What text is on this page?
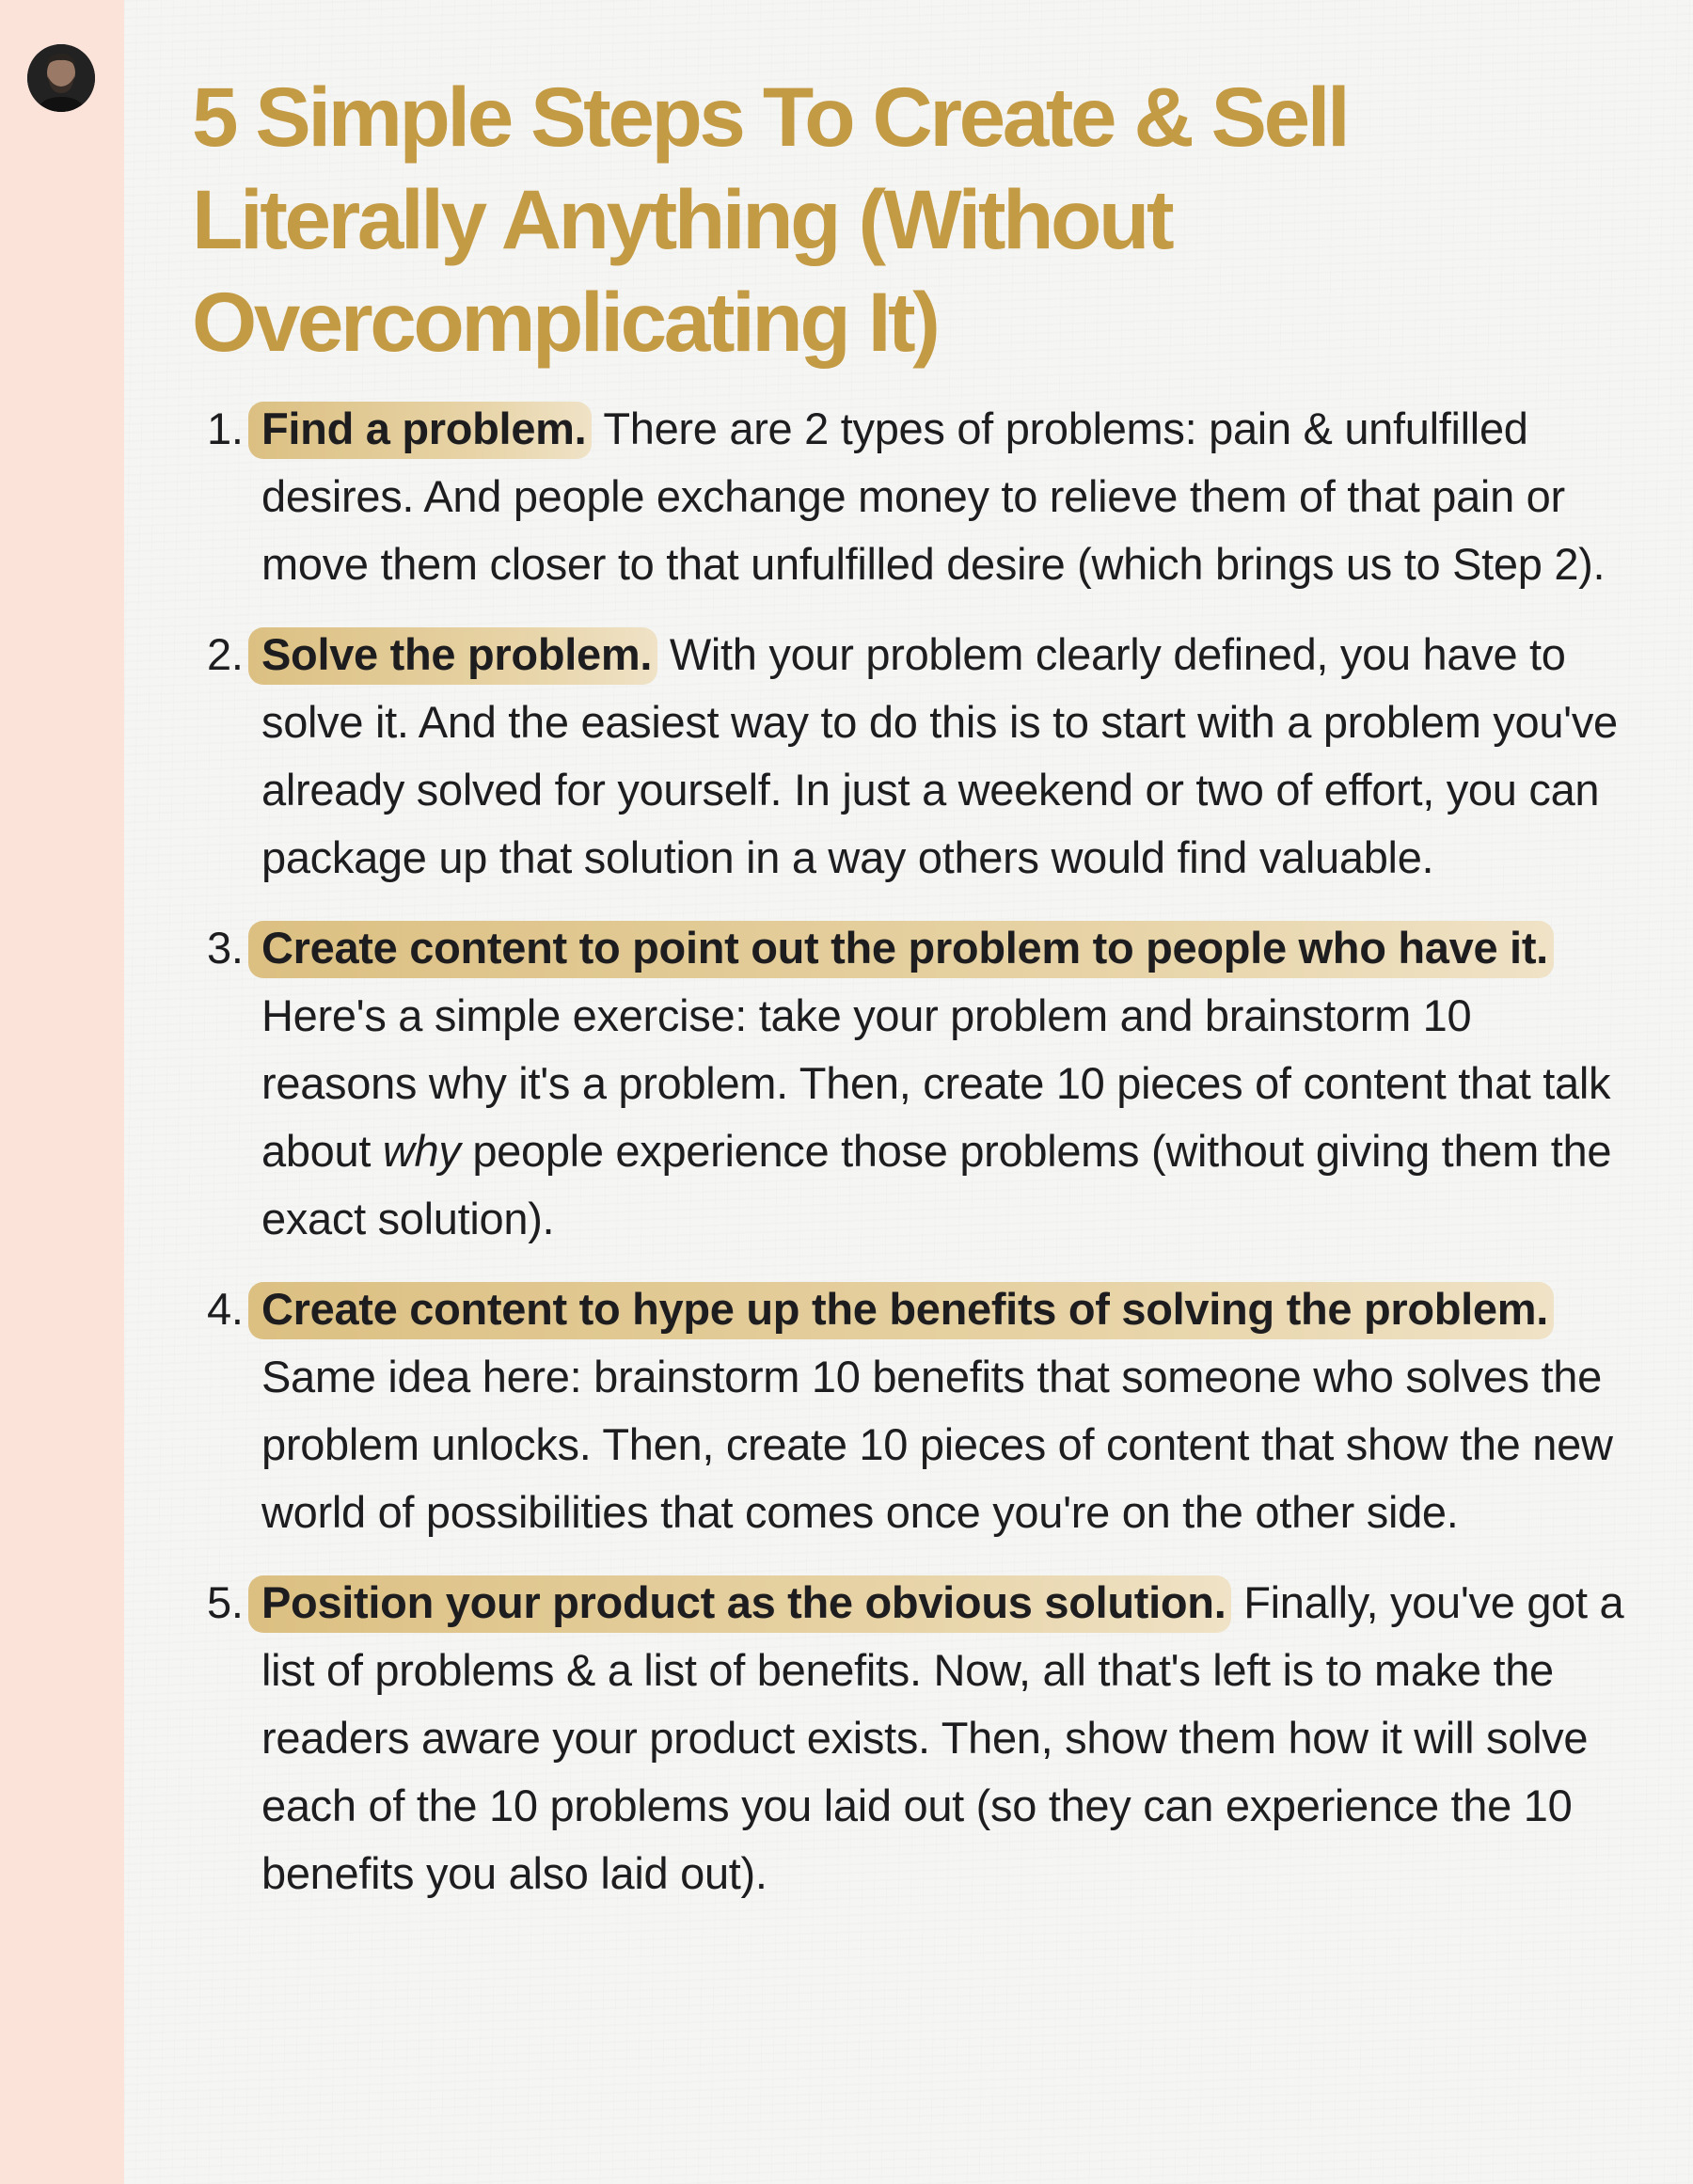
5 Simple Steps To Create & Sell Literally Anything (Without Overcomplicating It)
1. Find a problem. There are 2 types of problems: pain & unfulfilled desires. And people exchange money to relieve them of that pain or move them closer to that unfulfilled desire (which brings us to Step 2).
2. Solve the problem. With your problem clearly defined, you have to solve it. And the easiest way to do this is to start with a problem you've already solved for yourself. In just a weekend or two of effort, you can package up that solution in a way others would find valuable.
3. Create content to point out the problem to people who have it. Here's a simple exercise: take your problem and brainstorm 10 reasons why it's a problem. Then, create 10 pieces of content that talk about why people experience those problems (without giving them the exact solution).
4. Create content to hype up the benefits of solving the problem. Same idea here: brainstorm 10 benefits that someone who solves the problem unlocks. Then, create 10 pieces of content that show the new world of possibilities that comes once you're on the other side.
5. Position your product as the obvious solution. Finally, you've got a list of problems & a list of benefits. Now, all that's left is to make the readers aware your product exists. Then, show them how it will solve each of the 10 problems you laid out (so they can experience the 10 benefits you also laid out).
